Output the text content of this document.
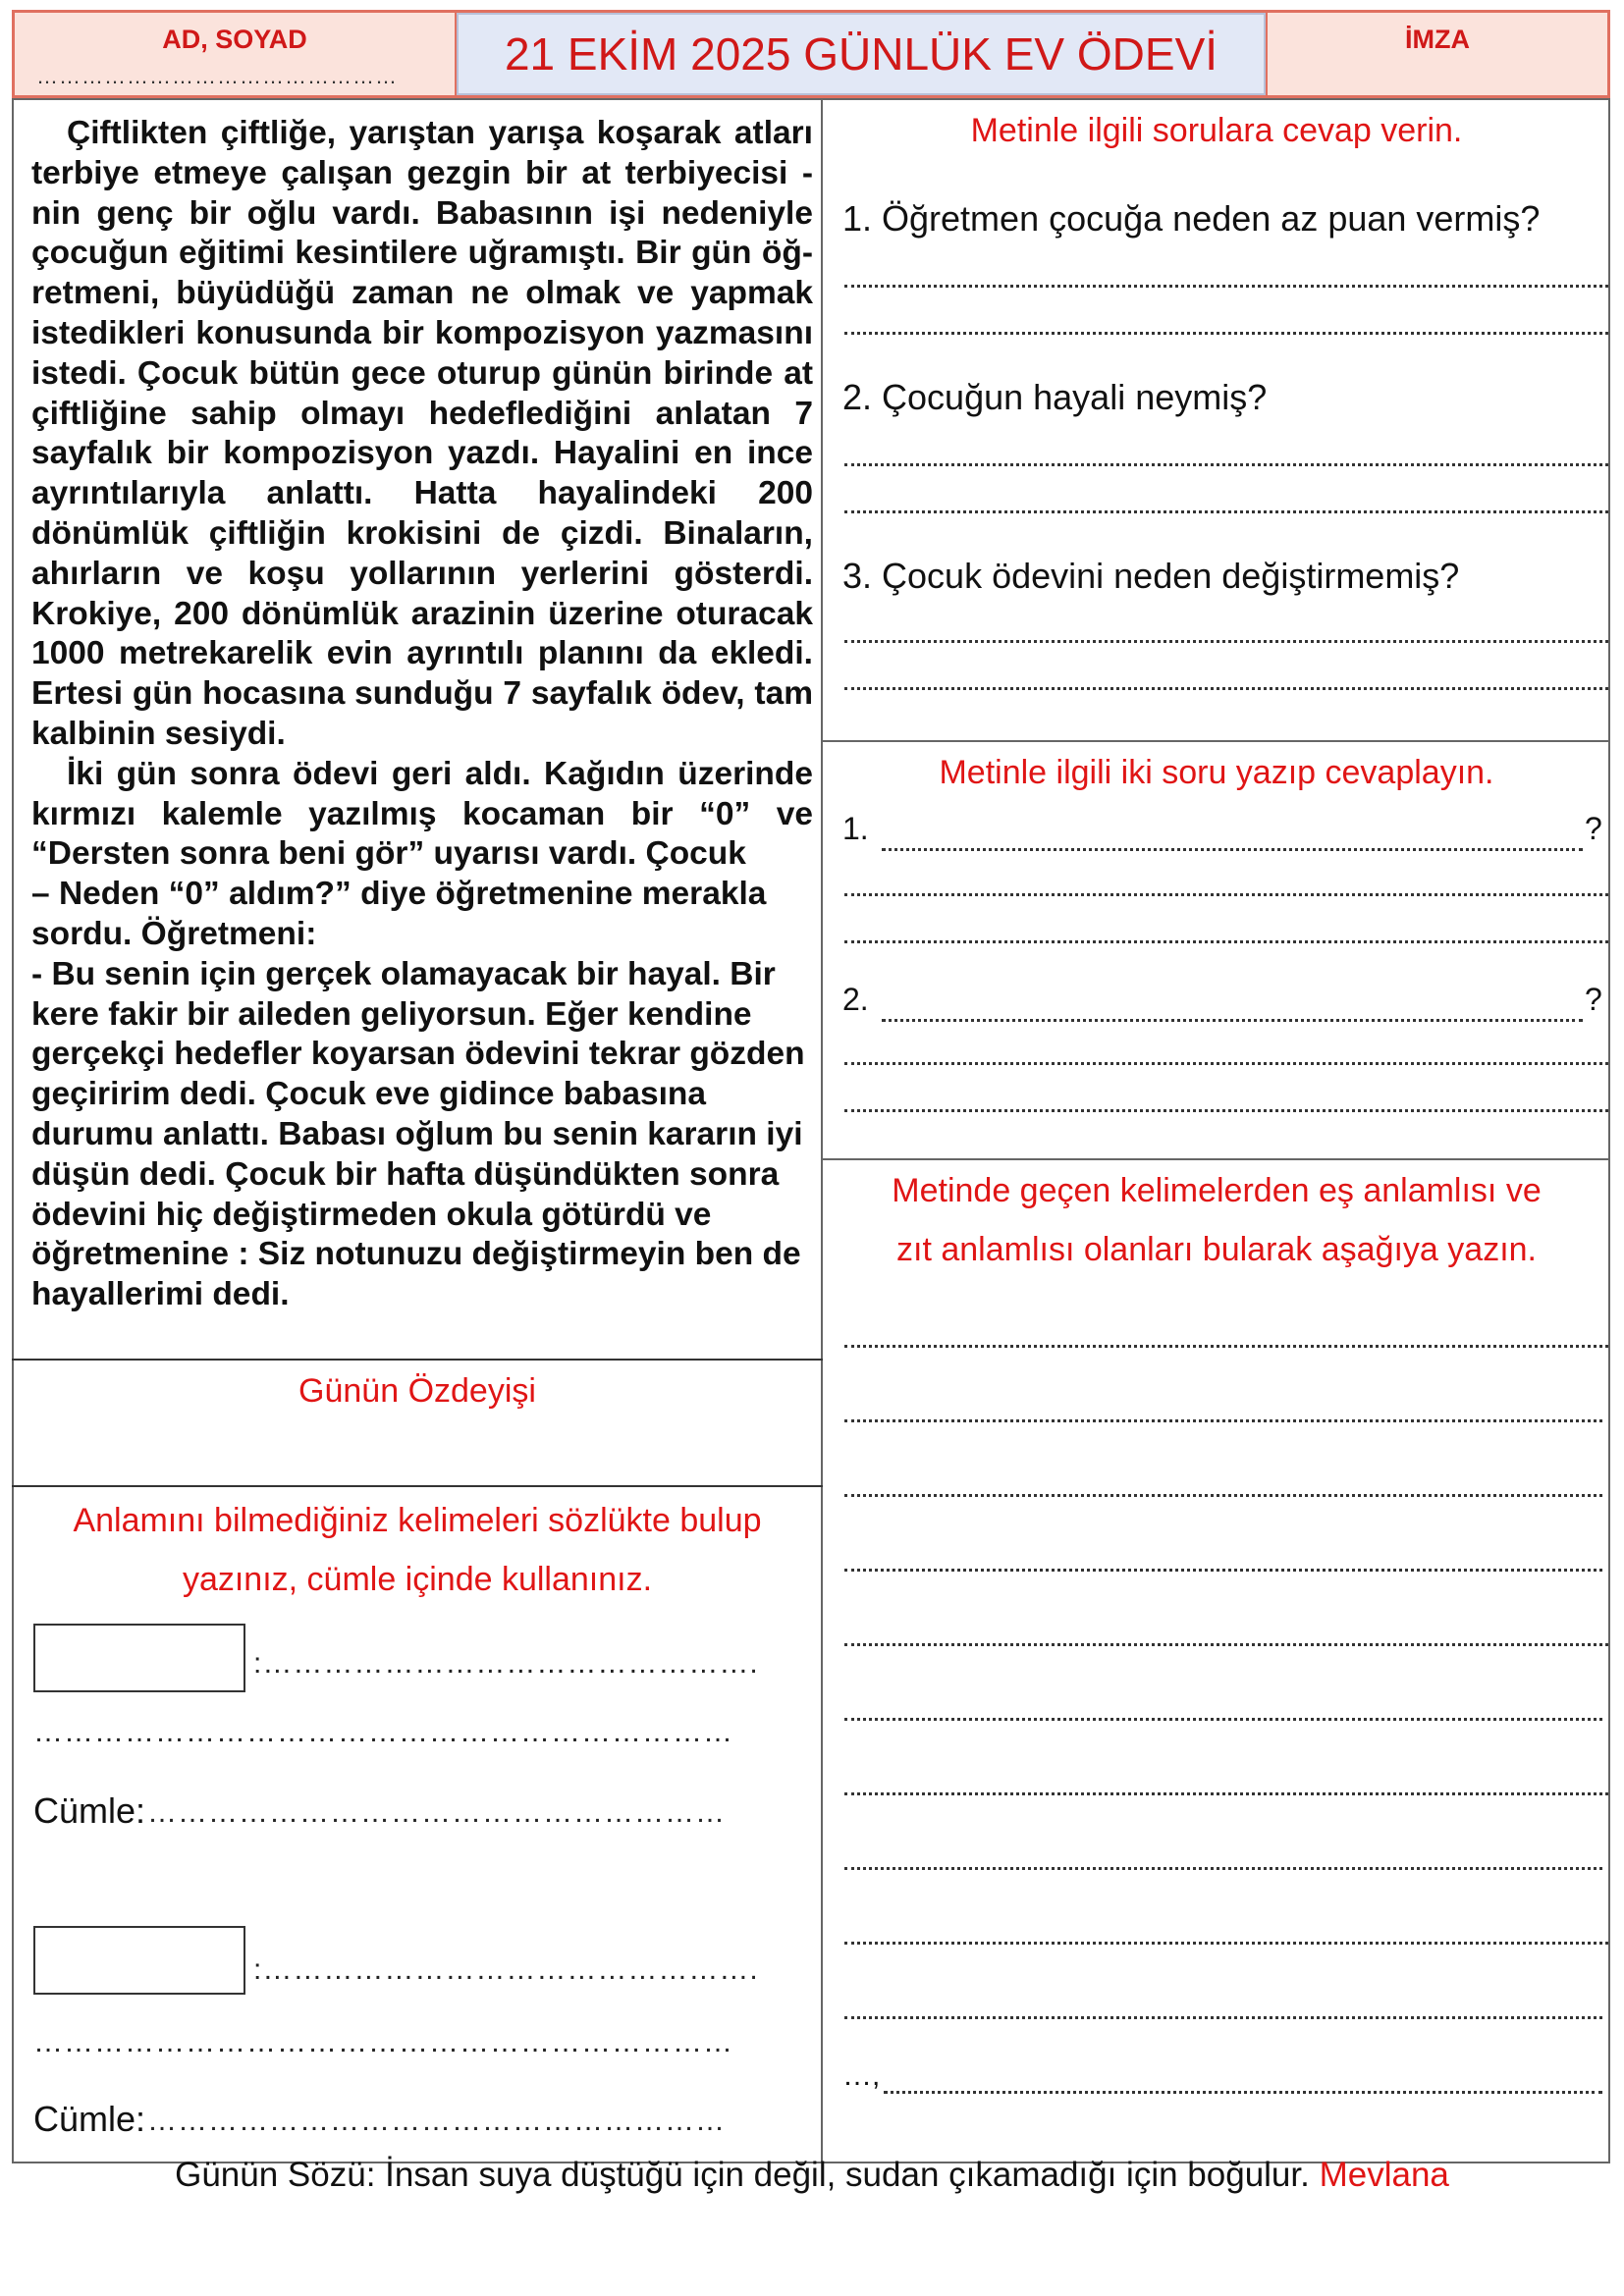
AD, SOYAD
…………………………………………	21 EKİM 2025 GÜNLÜK EV ÖDEVİ	İMZA

Çiftlikten çiftliğe, yarıştan yarışa koşarak atları terbiye etmeye çalışan gezgin bir at terbiyecisi -nin genç bir oğlu vardı. Babasının işi nedeniyle çocuğun eğitimi kesintilere uğramıştı. Bir gün öğ-retmeni, büyüdüğü zaman ne olmak ve yapmak istedikleri konusunda bir kompozisyon yazmasını istedi. Çocuk bütün gece oturup günün birinde at çiftliğine sahip olmayı hedeflediğini anlatan 7 sayfalık bir kompozisyon yazdı. Hayalini en ince ayrıntılarıyla anlattı. Hatta hayalindeki 200 dönümlük çiftliğin krokisini de çizdi. Binaların, ahırların ve koşu yollarının yerlerini gösterdi. Krokiye, 200 dönümlük arazinin üzerine oturacak 1000 metrekarelik evin ayrıntılı planını da ekledi. Ertesi gün hocasına sunduğu 7 sayfalık ödev, tam kalbinin sesiydi.

İki gün sonra ödevi geri aldı. Kağıdın üzerinde kırmızı kalemle yazılmış kocaman bir “0” ve “Dersten sonra beni gör” uyarısı vardı. Çocuk

– Neden “0” aldım?” diye öğretmenine merakla sordu. Öğretmeni:

- Bu senin için gerçek olamayacak bir hayal. Bir kere fakir bir aileden geliyorsun. Eğer kendine gerçekçi hedefler koyarsan ödevini tekrar gözden geçiririm dedi. Çocuk eve gidince babasına durumu anlattı. Babası oğlum bu senin kararın iyi düşün dedi. Çocuk bir hafta düşündükten sonra ödevini hiç değiştirmeden okula götürdü ve öğretmenine : Siz notunuzu değiştirmeyin ben de hayallerimi dedi.

Günün Özdeyişi
Anlamını bilmediğiniz kelimeleri sözlükte bulup
yazınız, cümle içinde kullanınız.
:………………………………………….
……………………………………………………………
Cümle: …………………………………………………
:………………………………………….
……………………………………………………………
Cümle: …………………………………………………
Metinle ilgili sorulara cevap verin.
1. Öğretmen çocuğa neden az puan vermiş?
2. Çocuğun hayali neymiş?
3. Çocuk ödevini neden değiştirmemiş?
Metinle ilgili iki soru yazıp cevaplayın.
1.	?
2.	?
Metinde geçen kelimelerden eş anlamlısı ve
zıt anlamlısı olanları bularak aşağıya yazın.
…,
Günün Sözü: İnsan suya düştüğü için değil, sudan çıkamadığı için boğulur. Mevlana
